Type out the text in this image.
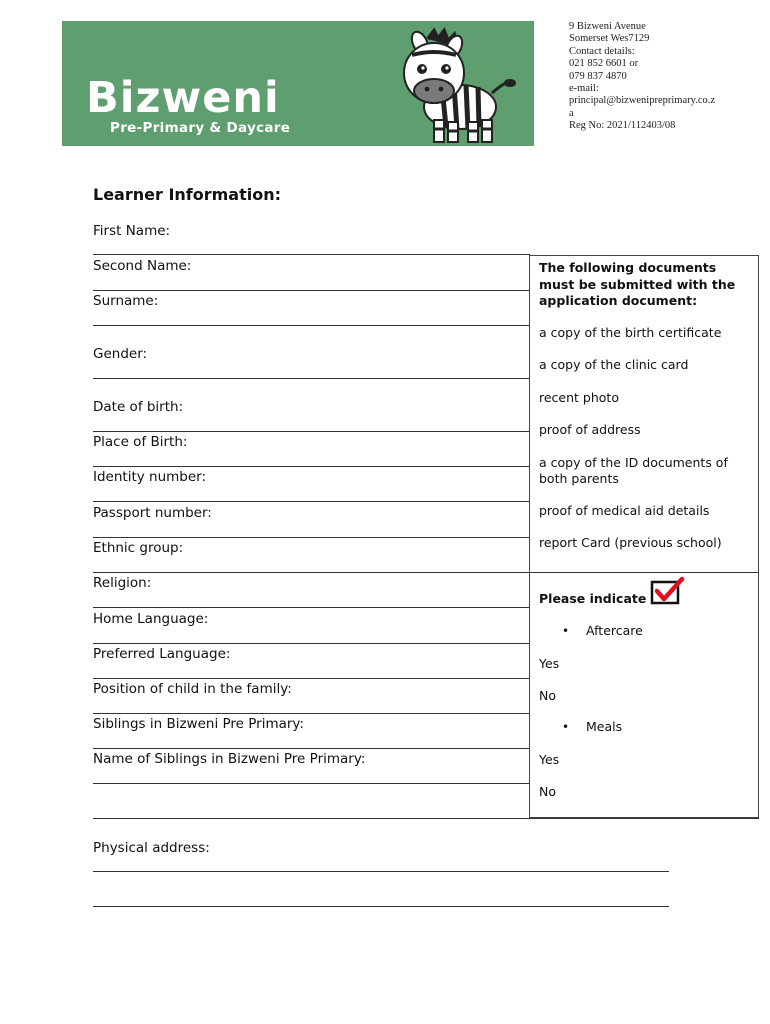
Bizweni
Pre-Primary & Daycare
9 Bizweni Avenue
Somerset Wes7129
Contact details:
021 852 6601 or
079 837 4870
e-mail:
principal@bizwenipreprimary.co.z
a
Reg No: 2021/112403/08
Learner Information:
First Name:
Second Name:
Surname:
Gender:
Date of birth:
Place of Birth:
Identity number:
Passport number:
Ethnic group:
Religion:
Home Language:
Preferred Language:
Position of child in the family:
Siblings in Bizweni Pre Primary:
Name of Siblings in Bizweni Pre Primary:
Physical address:
The following documents must be submitted with the application document:
a copy of the birth certificate
a copy of the clinic card
recent photo
proof of address
a copy of the ID documents of both parents
proof of medical aid details
report Card (previous school)
Please indicate
• Aftercare
Yes
No
• Meals
Yes
No
